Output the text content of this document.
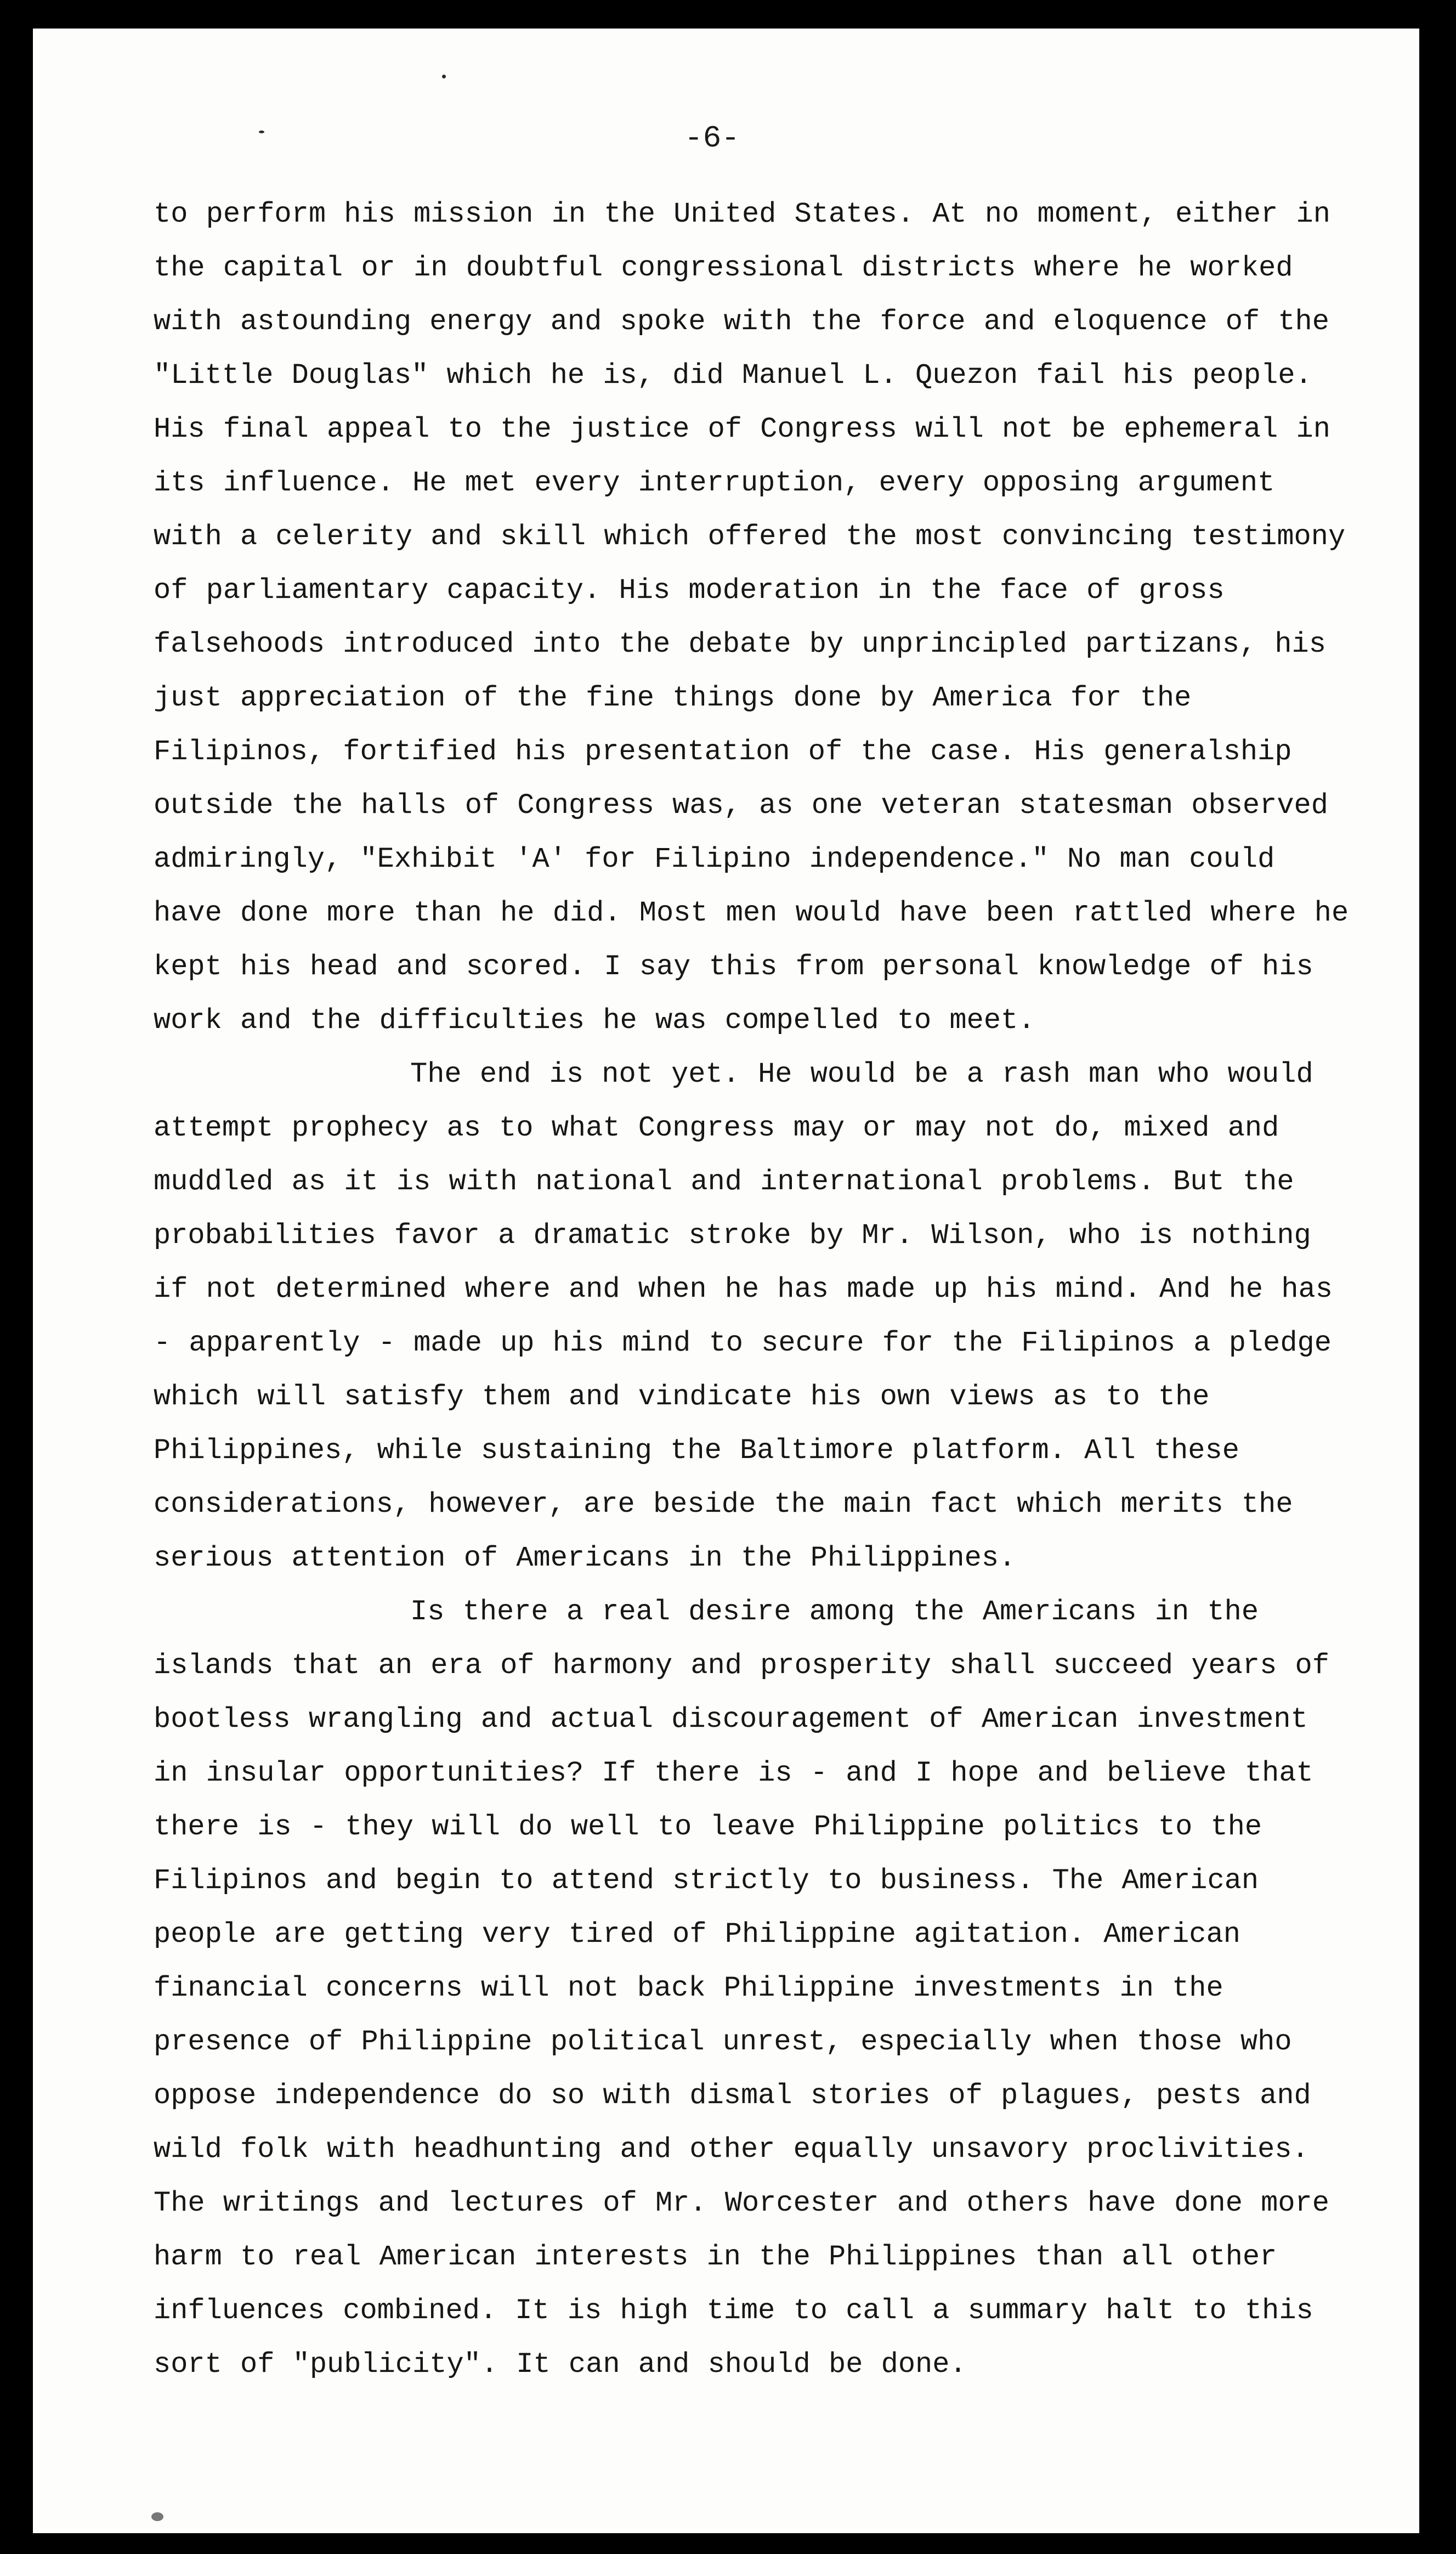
-6-

to perform his mission in the United States. At no moment, either in the capital or in doubtful congressional districts where he worked with astounding energy and spoke with the force and eloquence of the "Little Douglas" which he is, did Manuel L. Quezon fail his people. His final appeal to the justice of Congress will not be ephemeral in its influence. He met every interruption, every opposing argument with a celerity and skill which offered the most convincing testimony of parliamentary capacity. His moderation in the face of gross falsehoods introduced into the debate by unprincipled partizans, his just appreciation of the fine things done by America for the Filipinos, fortified his presentation of the case. His generalship outside the halls of Congress was, as one veteran statesman observed admiringly, "Exhibit 'A' for Filipino independence." No man could have done more than he did. Most men would have been rattled where he kept his head and scored. I say this from personal knowledge of his work and the difficulties he was compelled to meet.

The end is not yet. He would be a rash man who would attempt prophecy as to what Congress may or may not do, mixed and muddled as it is with national and international problems. But the probabilities favor a dramatic stroke by Mr. Wilson, who is nothing if not determined where and when he has made up his mind. And he has - apparently - made up his mind to secure for the Filipinos a pledge which will satisfy them and vindicate his own views as to the Philippines, while sustaining the Baltimore platform. All these considerations, however, are beside the main fact which merits the serious attention of Americans in the Philippines.

Is there a real desire among the Americans in the islands that an era of harmony and prosperity shall succeed years of bootless wrangling and actual discouragement of American investment in insular opportunities? If there is - and I hope and believe that there is - they will do well to leave Philippine politics to the Filipinos and begin to attend strictly to business. The American people are getting very tired of Philippine agitation. American financial concerns will not back Philippine investments in the presence of Philippine political unrest, especially when those who oppose independence do so with dismal stories of plagues, pests and wild folk with headhunting and other equally unsavory proclivities. The writings and lectures of Mr. Worcester and others have done more harm to real American interests in the Philippines than all other influences combined. It is high time to call a summary halt to this sort of "publicity". It can and should be done.
